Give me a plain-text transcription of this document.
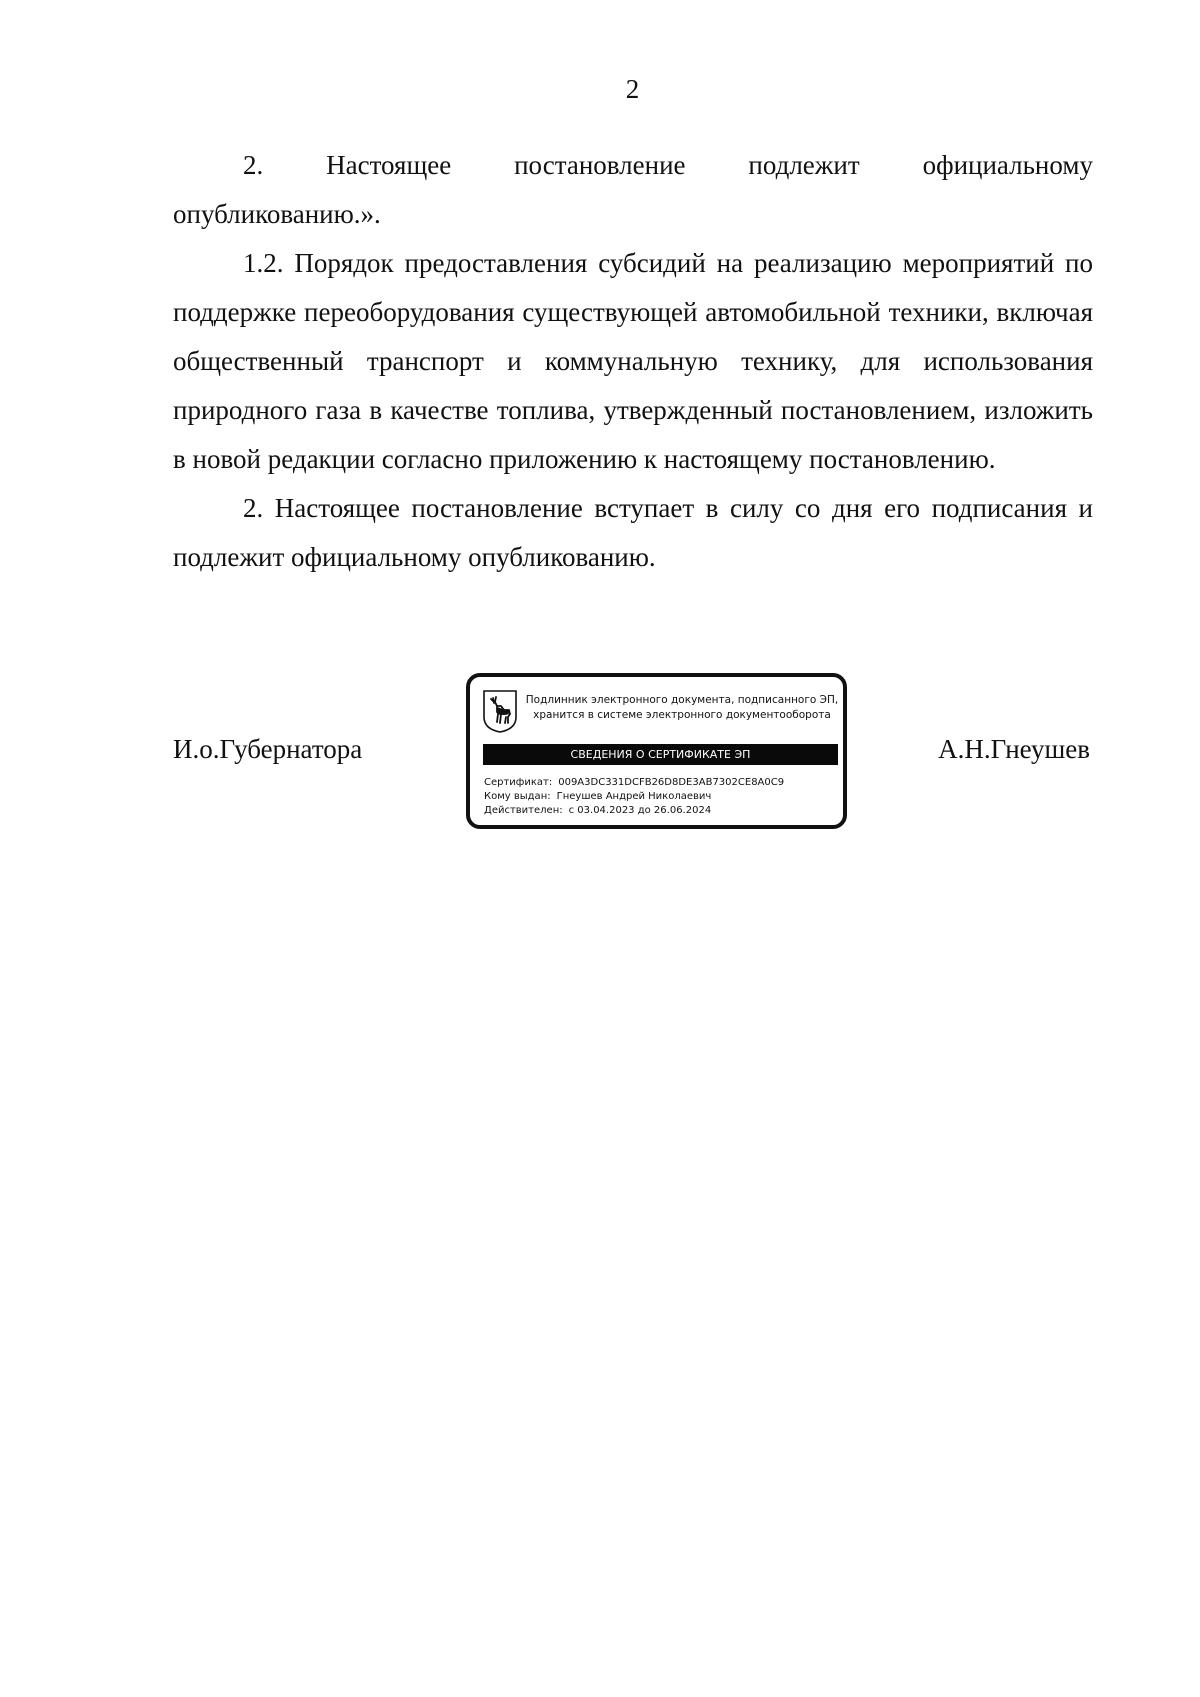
2
2. Настоящее постановление подлежит официальному

опубликованию.».

1.2. Порядок предоставления субсидий на реализацию мероприятий по поддержке переоборудования существующей автомобильной техники, включая общественный транспорт и коммунальную технику, для использования природного газа в качестве топлива, утвержденный постановлением, изложить в новой редакции согласно приложению к настоящему постановлению.

2. Настоящее постановление вступает в силу со дня его подписания и подлежит официальному опубликованию.

И.о.Губернатора	А.Н.Гнеушев
Подлинник электронного документа, подписанного ЭП,
хранится в системе электронного документооборота
СВЕДЕНИЯ О СЕРТИФИКАТЕ ЭП
Сертификат: 009A3DC331DCFB26D8DE3AB7302CE8A0C9
Кому выдан: Гнеушев Андрей Николаевич
Действителен: с 03.04.2023 до 26.06.2024
